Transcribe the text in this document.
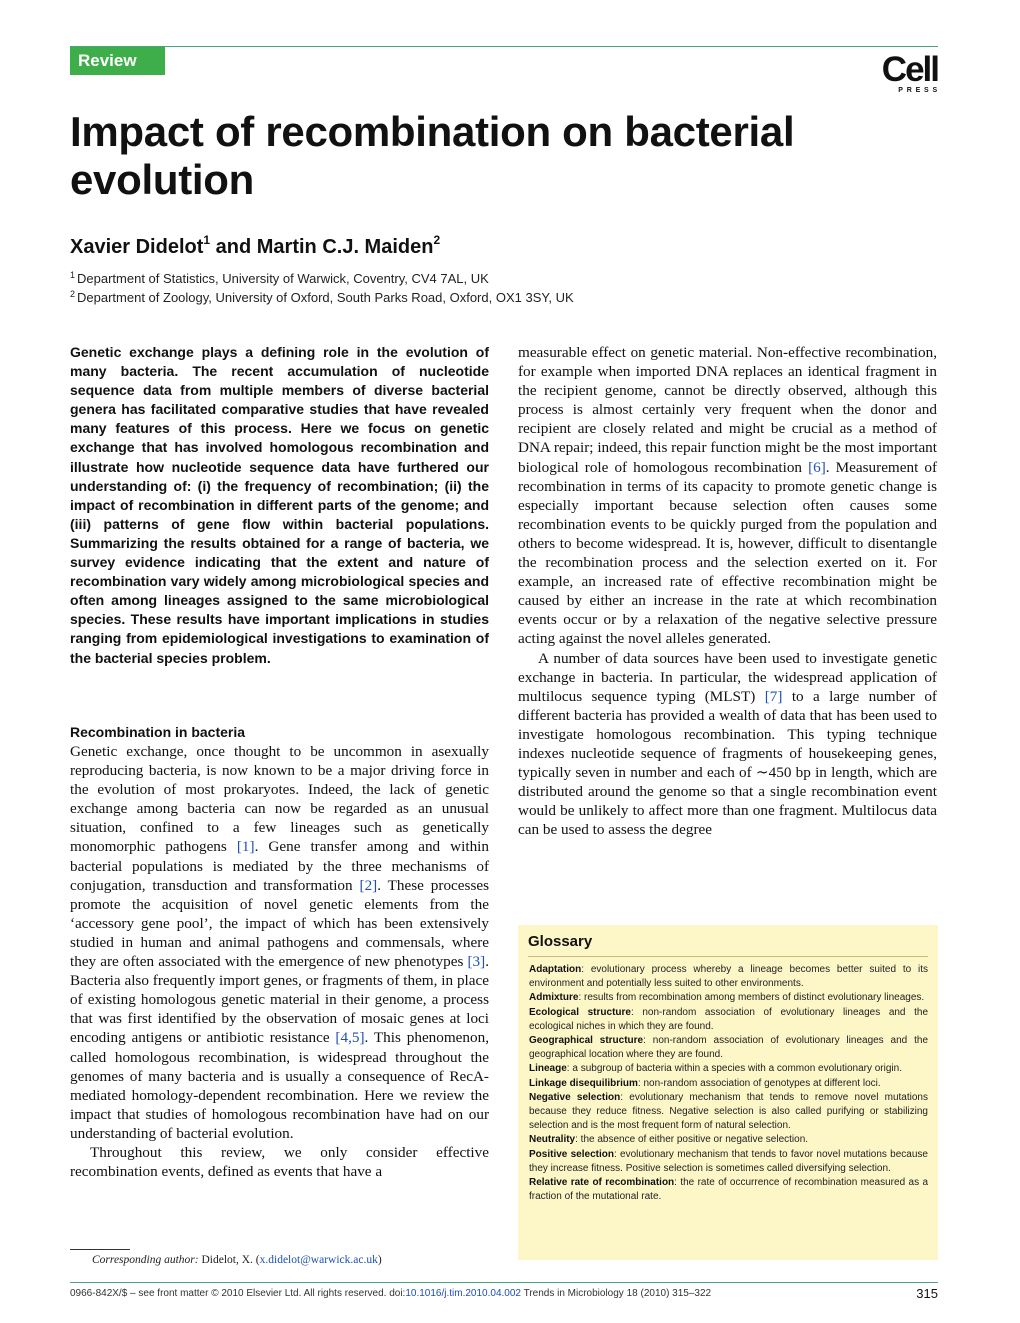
Review	Cell
PRESS
Impact of recombination on bacterial evolution
Xavier Didelot$^1$ and Martin C.J. Maiden$^2$
$^1$ Department of Statistics, University of Warwick, Coventry, CV4 7AL, UK
$^2$ Department of Zoology, University of Oxford, South Parks Road, Oxford, OX1 3SY, UK
Genetic exchange plays a defining role in the evolution of many bacteria. The recent accumulation of nucleotide sequence data from multiple members of diverse bacterial genera has facilitated comparative studies that have revealed many features of this process. Here we focus on genetic exchange that has involved homologous recombination and illustrate how nucleotide sequence data have furthered our understanding of: (i) the frequency of recombination; (ii) the impact of recombination in different parts of the genome; and (iii) patterns of gene flow within bacterial populations. Summarizing the results obtained for a range of bacteria, we survey evidence indicating that the extent and nature of recombination vary widely among microbiological species and often among lineages assigned to the same microbiological species. These results have important implications in studies ranging from epidemiological investigations to examination of the bacterial species problem.
Recombination in bacteria

Genetic exchange, once thought to be uncommon in asexually reproducing bacteria, is now known to be a major driving force in the evolution of most prokaryotes. Indeed, the lack of genetic exchange among bacteria can now be regarded as an unusual situation, confined to a few lineages such as genetically monomorphic pathogens [1]. Gene transfer among and within bacterial populations is mediated by the three mechanisms of conjugation, transduction and transformation [2]. These processes promote the acquisition of novel genetic elements from the ‘accessory gene pool’, the impact of which has been extensively studied in human and animal pathogens and commensals, where they are often associated with the emergence of new phenotypes [3]. Bacteria also frequently import genes, or fragments of them, in place of existing homologous genetic material in their genome, a process that was first identified by the observation of mosaic genes at loci encoding antigens or antibiotic resistance [4,5]. This phenomenon, called homologous recombination, is widespread throughout the genomes of many bacteria and is usually a consequence of RecA-mediated homology-dependent recombination. Here we review the impact that studies of homologous recombination have had on our understanding of bacterial evolution.

Throughout this review, we only consider effective recombination events, defined as events that have a

measurable effect on genetic material. Non-effective recombination, for example when imported DNA replaces an identical fragment in the recipient genome, cannot be directly observed, although this process is almost certainly very frequent when the donor and recipient are closely related and might be crucial as a method of DNA repair; indeed, this repair function might be the most important biological role of homologous recombination [6]. Measurement of recombination in terms of its capacity to promote genetic change is especially important because selection often causes some recombination events to be quickly purged from the population and others to become widespread. It is, however, difficult to disentangle the recombination process and the selection exerted on it. For example, an increased rate of effective recombination might be caused by either an increase in the rate at which recombination events occur or by a relaxation of the negative selective pressure acting against the novel alleles generated.

A number of data sources have been used to investigate genetic exchange in bacteria. In particular, the widespread application of multilocus sequence typing (MLST) [7] to a large number of different bacteria has provided a wealth of data that has been used to investigate homologous recombination. This typing technique indexes nucleotide sequence of fragments of housekeeping genes, typically seven in number and each of ∼450 bp in length, which are distributed around the genome so that a single recombination event would be unlikely to affect more than one fragment. Multilocus data can be used to assess the degree

Glossary

Adaptation: evolutionary process whereby a lineage becomes better suited to its environment and potentially less suited to other environments.

Admixture: results from recombination among members of distinct evolutionary lineages.

Ecological structure: non-random association of evolutionary lineages and the ecological niches in which they are found.

Geographical structure: non-random association of evolutionary lineages and the geographical location where they are found.

Lineage: a subgroup of bacteria within a species with a common evolutionary origin.

Linkage disequilibrium: non-random association of genotypes at different loci.

Negative selection: evolutionary mechanism that tends to remove novel mutations because they reduce fitness. Negative selection is also called purifying or stabilizing selection and is the most frequent form of natural selection.

Neutrality: the absence of either positive or negative selection.

Positive selection: evolutionary mechanism that tends to favor novel mutations because they increase fitness. Positive selection is sometimes called diversifying selection.

Relative rate of recombination: the rate of occurrence of recombination measured as a fraction of the mutational rate.

Corresponding author: Didelot, X. (x.didelot@warwick.ac.uk)
0966-842X/$ – see front matter © 2010 Elsevier Ltd. All rights reserved. doi:10.1016/j.tim.2010.04.002 Trends in Microbiology 18 (2010) 315–322	315
